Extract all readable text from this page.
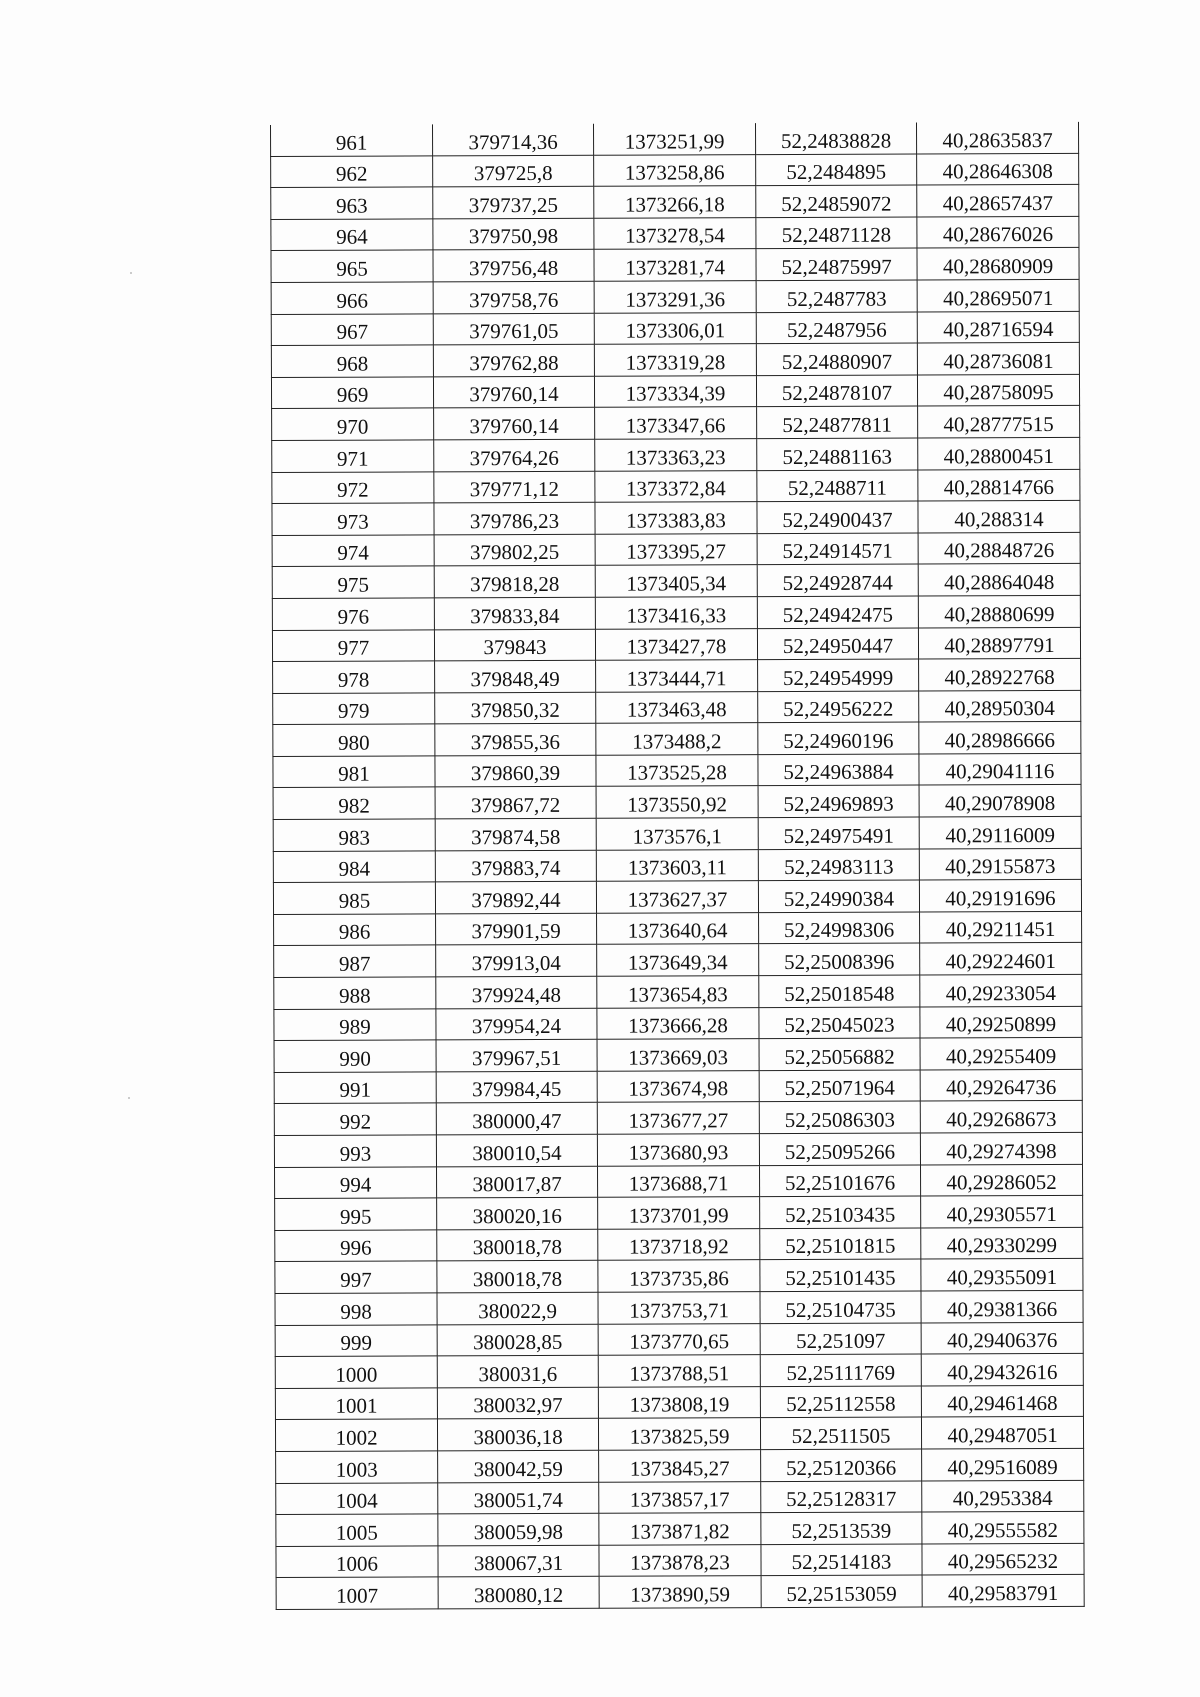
961	379714,36	1373251,99	52,24838828	40,28635837
962	379725,8	1373258,86	52,2484895	40,28646308
963	379737,25	1373266,18	52,24859072	40,28657437
964	379750,98	1373278,54	52,24871128	40,28676026
965	379756,48	1373281,74	52,24875997	40,28680909
966	379758,76	1373291,36	52,2487783	40,28695071
967	379761,05	1373306,01	52,2487956	40,28716594
968	379762,88	1373319,28	52,24880907	40,28736081
969	379760,14	1373334,39	52,24878107	40,28758095
970	379760,14	1373347,66	52,24877811	40,28777515
971	379764,26	1373363,23	52,24881163	40,28800451
972	379771,12	1373372,84	52,2488711	40,28814766
973	379786,23	1373383,83	52,24900437	40,288314
974	379802,25	1373395,27	52,24914571	40,28848726
975	379818,28	1373405,34	52,24928744	40,28864048
976	379833,84	1373416,33	52,24942475	40,28880699
977	379843	1373427,78	52,24950447	40,28897791
978	379848,49	1373444,71	52,24954999	40,28922768
979	379850,32	1373463,48	52,24956222	40,28950304
980	379855,36	1373488,2	52,24960196	40,28986666
981	379860,39	1373525,28	52,24963884	40,29041116
982	379867,72	1373550,92	52,24969893	40,29078908
983	379874,58	1373576,1	52,24975491	40,29116009
984	379883,74	1373603,11	52,24983113	40,29155873
985	379892,44	1373627,37	52,24990384	40,29191696
986	379901,59	1373640,64	52,24998306	40,29211451
987	379913,04	1373649,34	52,25008396	40,29224601
988	379924,48	1373654,83	52,25018548	40,29233054
989	379954,24	1373666,28	52,25045023	40,29250899
990	379967,51	1373669,03	52,25056882	40,29255409
991	379984,45	1373674,98	52,25071964	40,29264736
992	380000,47	1373677,27	52,25086303	40,29268673
993	380010,54	1373680,93	52,25095266	40,29274398
994	380017,87	1373688,71	52,25101676	40,29286052
995	380020,16	1373701,99	52,25103435	40,29305571
996	380018,78	1373718,92	52,25101815	40,29330299
997	380018,78	1373735,86	52,25101435	40,29355091
998	380022,9	1373753,71	52,25104735	40,29381366
999	380028,85	1373770,65	52,251097	40,29406376
1000	380031,6	1373788,51	52,25111769	40,29432616
1001	380032,97	1373808,19	52,25112558	40,29461468
1002	380036,18	1373825,59	52,2511505	40,29487051
1003	380042,59	1373845,27	52,25120366	40,29516089
1004	380051,74	1373857,17	52,25128317	40,2953384
1005	380059,98	1373871,82	52,2513539	40,29555582
1006	380067,31	1373878,23	52,2514183	40,29565232
1007	380080,12	1373890,59	52,25153059	40,29583791
